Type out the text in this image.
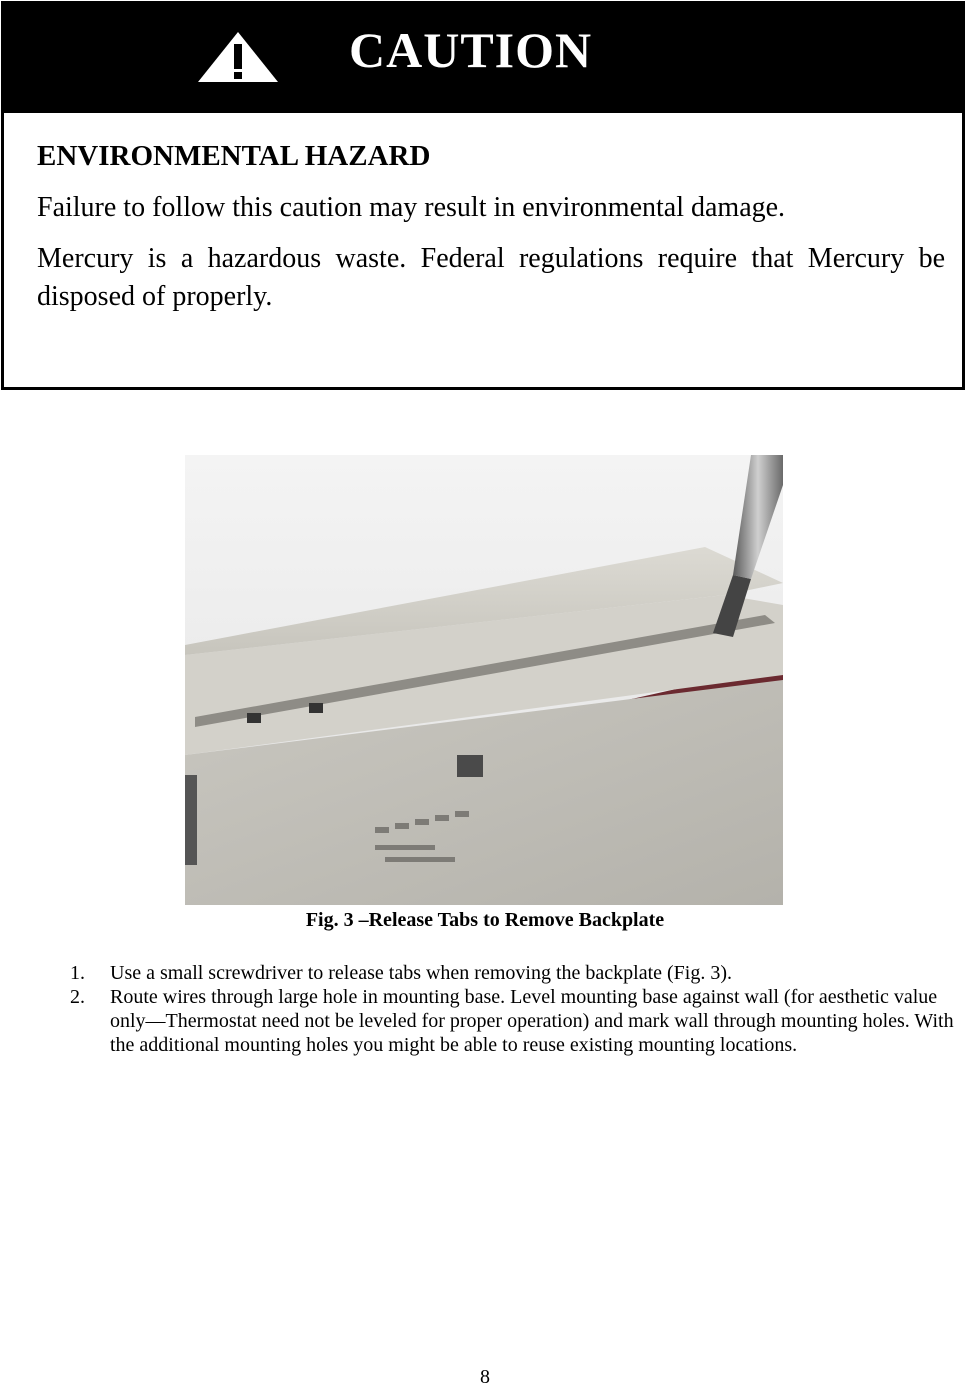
CAUTION
ENVIRONMENTAL HAZARD
Failure to follow this caution may result in environmental damage.
Mercury is a hazardous waste. Federal regulations require that Mercury be disposed of properly.
Fig. 3 –Release Tabs to Remove Backplate
1. Use a small screwdriver to release tabs when removing the backplate (Fig. 3).
2. Route wires through large hole in mounting base. Level mounting base against wall (for aesthetic value only—Thermostat need not be leveled for proper operation) and mark wall through mounting holes. With the additional mounting holes you might be able to reuse existing mounting locations.
8
